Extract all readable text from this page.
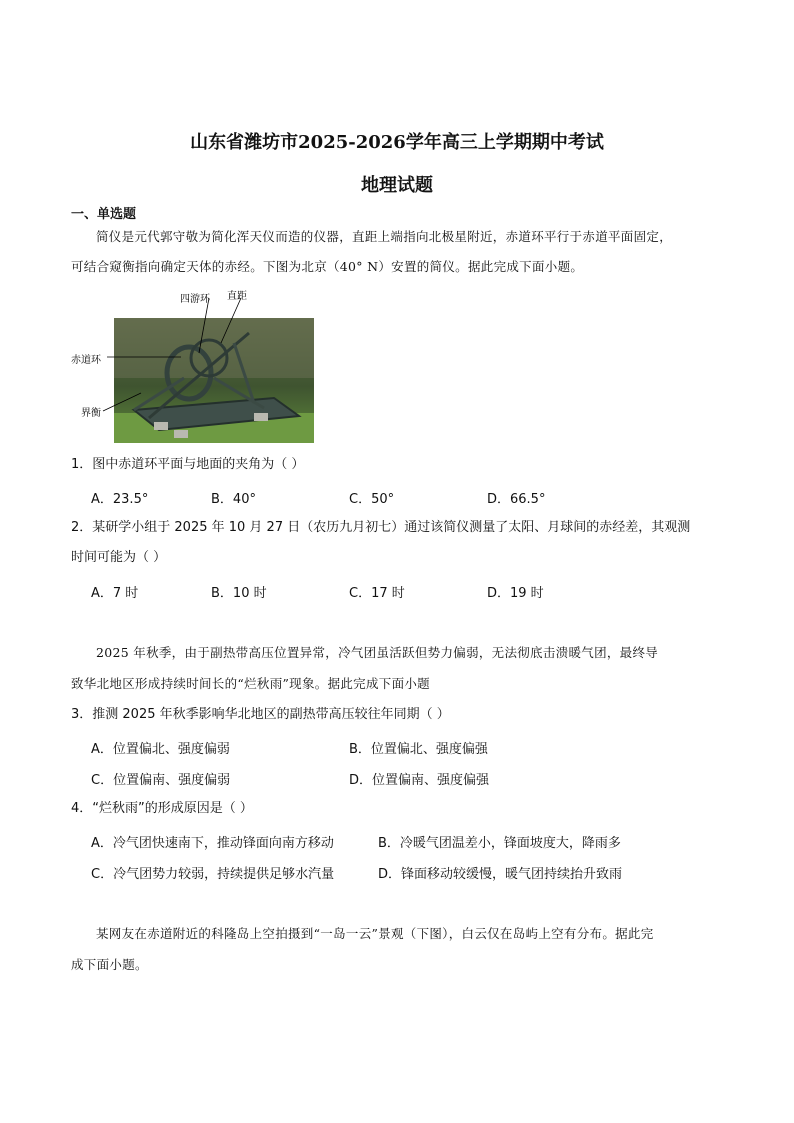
山东省潍坊市2025-2026学年高三上学期期中考试
地理试题
一、单选题
简仪是元代郭守敬为简化浑天仪而造的仪器，直距上端指向北极星附近，赤道环平行于赤道平面固定，
可结合窥衡指向确定天体的赤经。下图为北京（40° N）安置的简仪。据此完成下面小题。
四游环 直距
赤道环
界衡
1．图中赤道环平面与地面的夹角为（ ）
A．23.5°	B．40°	C．50°	D．66.5°
2．某研学小组于 2025 年 10 月 27 日（农历九月初七）通过该简仪测量了太阳、月球间的赤经差，其观测
时间可能为（ ）
A．7 时	B．10 时	C．17 时	D．19 时
2025 年秋季，由于副热带高压位置异常，冷气团虽活跃但势力偏弱，无法彻底击溃暖气团，最终导
致华北地区形成持续时间长的“烂秋雨”现象。据此完成下面小题
3．推测 2025 年秋季影响华北地区的副热带高压较往年同期（ ）
A．位置偏北、强度偏弱	B．位置偏北、强度偏强
C．位置偏南、强度偏弱	D．位置偏南、强度偏强
4．“烂秋雨”的形成原因是（ ）
A．冷气团快速南下，推动锋面向南方移动	B．冷暖气团温差小，锋面坡度大，降雨多
C．冷气团势力较弱，持续提供足够水汽量	D．锋面移动较缓慢，暖气团持续抬升致雨
某网友在赤道附近的科隆岛上空拍摄到“一岛一云”景观（下图），白云仅在岛屿上空有分布。据此完
成下面小题。
